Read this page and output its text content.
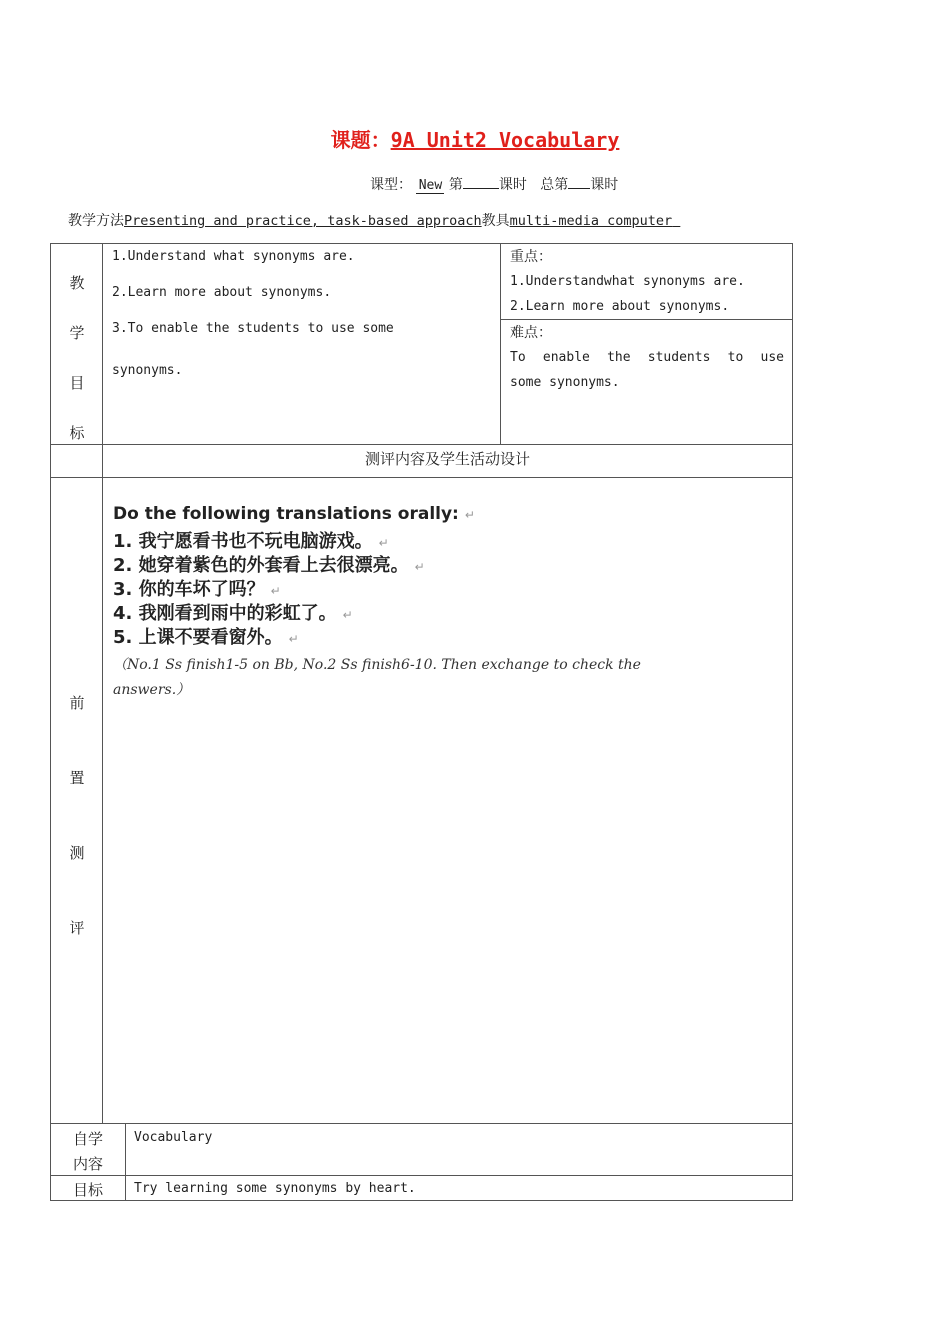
课题：9A Unit2 Vocabulary
课型： New 第	课时 总第 课时
教学方法Presenting and practice, task-based approach教具multi-media computer
教
学
目
标
1.Understand what synonyms are.
2.Learn more about synonyms.
3.To enable the students to use some
synonyms.
重点：
1.Understandwhat synonyms are.
2.Learn more about synonyms.
难点：
To enable the students to use
some synonyms.
测评内容及学生活动设计
前
置
测
评
Do the following translations orally: ↵
1. 我宁愿看书也不玩电脑游戏。 ↵
2. 她穿着紫色的外套看上去很漂亮。 ↵
3. 你的车坏了吗？ ↵
4. 我刚看到雨中的彩虹了。 ↵
5. 上课不要看窗外。 ↵
（No.1 Ss finish1-5 on Bb, No.2 Ss finish6-10. Then exchange to check the
answers.）
自学
内容
Vocabulary
目标	Try learning some synonyms by heart.
